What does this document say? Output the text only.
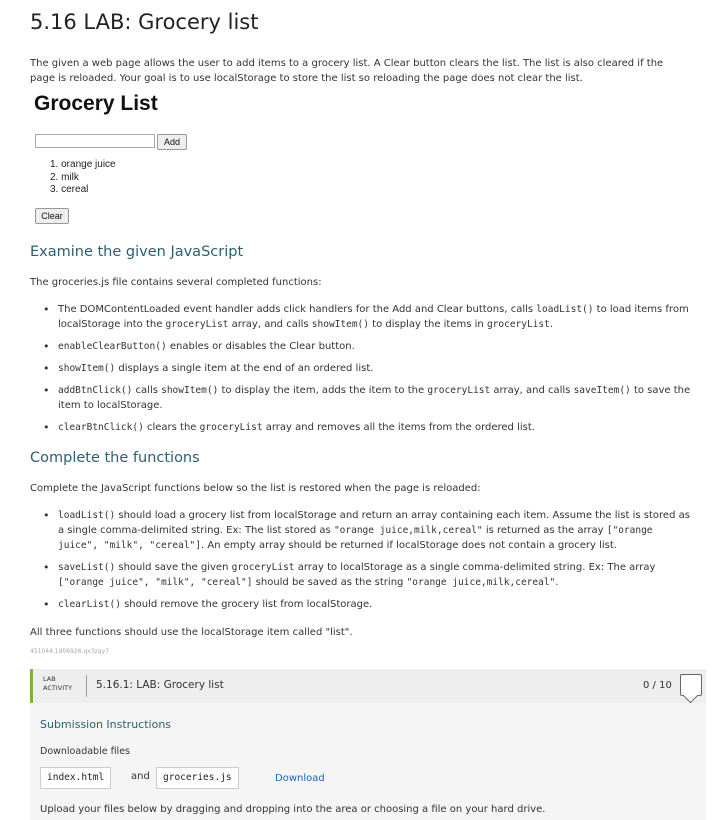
5.16 LAB: Grocery list

The given a web page allows the user to add items to a grocery list. A Clear button clears the list. The list is also cleared if the page is reloaded. Your goal is to use localStorage to store the list so reloading the page does not clear the list.

Grocery List
Add
1. orange juice
2. milk
3. cereal
Clear
Examine the given JavaScript

The groceries.js file contains several completed functions:

• The DOMContentLoaded event handler adds click handlers for the Add and Clear buttons, calls loadList() to load items from localStorage into the groceryList array, and calls showItem() to display the items in groceryList.
• enableClearButton() enables or disables the Clear button.
• showItem() displays a single item at the end of an ordered list.
• addBtnClick() calls showItem() to display the item, adds the item to the groceryList array, and calls saveItem() to save the item to localStorage.
• clearBtnClick() clears the groceryList array and removes all the items from the ordered list.
Complete the functions

Complete the JavaScript functions below so the list is restored when the page is reloaded:

• loadList() should load a grocery list from localStorage and return an array containing each item. Assume the list is stored as a single comma-delimited string. Ex: The list stored as "orange juice,milk,cereal" is returned as the array ["orange juice", "milk", "cereal"]. An empty array should be returned if localStorage does not contain a grocery list.
• saveList() should save the given groceryList array to localStorage as a single comma-delimited string. Ex: The array ["orange juice", "milk", "cereal"] should be saved as the string "orange juice,milk,cereal".
• clearList() should remove the grocery list from localStorage.

All three functions should use the localStorage item called "list".

451044.1906926.qx3zqy7
LAB
ACTIVITY 5.16.1: LAB: Grocery list	0 / 10
Submission Instructions
Downloadable files
index.html	and	groceries.js	Download
Upload your files below by dragging and dropping into the area or choosing a file on your hard drive.
